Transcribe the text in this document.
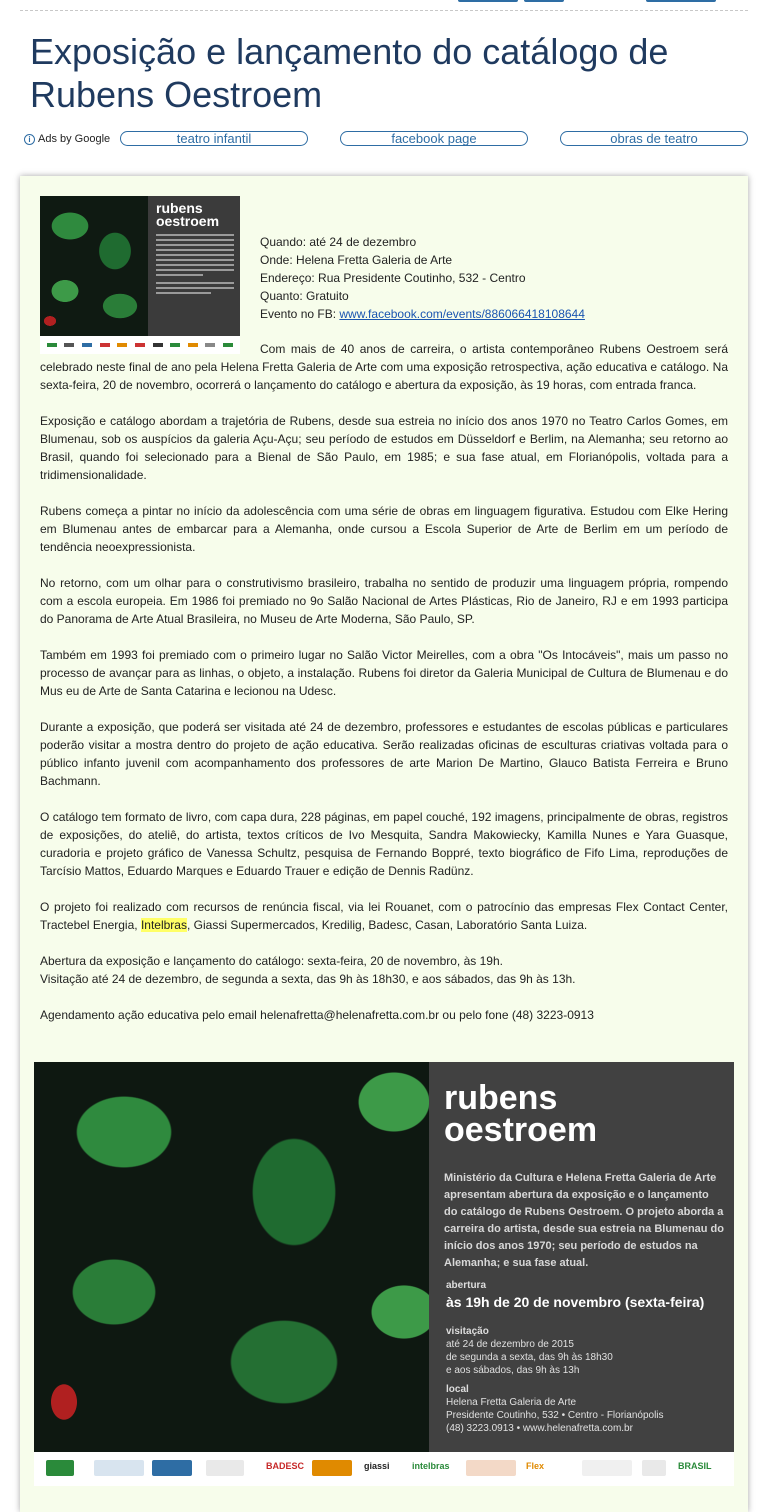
Exposição e lançamento do catálogo de Rubens Oestroem
i Ads by Google	teatro infantil	facebook page	obras de teatro
rubens
oestroem
Quando: até 24 de dezembro
Onde: Helena Fretta Galeria de Arte
Endereço: Rua Presidente Coutinho, 532 - Centro
Quanto: Gratuito
Evento no FB: www.facebook.com/events/886066418108644

Com mais de 40 anos de carreira, o artista contemporâneo Rubens Oestroem será celebrado neste final de ano pela Helena Fretta Galeria de Arte com uma exposição retrospectiva, ação educativa e catálogo. Na sexta-feira, 20 de novembro, ocorrerá o lançamento do catálogo e abertura da exposição, às 19 horas, com entrada franca.

Exposição e catálogo abordam a trajetória de Rubens, desde sua estreia no início dos anos 1970 no Teatro Carlos Gomes, em Blumenau, sob os auspícios da galeria Açu-Açu; seu período de estudos em Düsseldorf e Berlim, na Alemanha; seu retorno ao Brasil, quando foi selecionado para a Bienal de São Paulo, em 1985; e sua fase atual, em Florianópolis, voltada para a tridimensionalidade.

Rubens começa a pintar no início da adolescência com uma série de obras em linguagem figurativa. Estudou com Elke Hering em Blumenau antes de embarcar para a Alemanha, onde cursou a Escola Superior de Arte de Berlim em um período de tendência neoexpressionista.

No retorno, com um olhar para o construtivismo brasileiro, trabalha no sentido de produzir uma linguagem própria, rompendo com a escola europeia. Em 1986 foi premiado no 9o Salão Nacional de Artes Plásticas, Rio de Janeiro, RJ e em 1993 participa do Panorama de Arte Atual Brasileira, no Museu de Arte Moderna, São Paulo, SP.

Também em 1993 foi premiado com o primeiro lugar no Salão Victor Meirelles, com a obra "Os Intocáveis", mais um passo no processo de avançar para as linhas, o objeto, a instalação. Rubens foi diretor da Galeria Municipal de Cultura de Blumenau e do Mus eu de Arte de Santa Catarina e lecionou na Udesc.

Durante a exposição, que poderá ser visitada até 24 de dezembro, professores e estudantes de escolas públicas e particulares poderão visitar a mostra dentro do projeto de ação educativa. Serão realizadas oficinas de esculturas criativas voltada para o público infanto juvenil com acompanhamento dos professores de arte Marion De Martino, Glauco Batista Ferreira e Bruno Bachmann.

O catálogo tem formato de livro, com capa dura, 228 páginas, em papel couché, 192 imagens, principalmente de obras, registros de exposições, do ateliê, do artista, textos críticos de Ivo Mesquita, Sandra Makowiecky, Kamilla Nunes e Yara Guasque, curadoria e projeto gráfico de Vanessa Schultz, pesquisa de Fernando Boppré, texto biográfico de Fifo Lima, reproduções de Tarcísio Mattos, Eduardo Marques e Eduardo Trauer e edição de Dennis Radünz.

O projeto foi realizado com recursos de renúncia fiscal, via lei Rouanet, com o patrocínio das empresas Flex Contact Center, Tractebel Energia, Intelbras, Giassi Supermercados, Kredilig, Badesc, Casan, Laboratório Santa Luiza.

Abertura da exposição e lançamento do catálogo: sexta-feira, 20 de novembro, às 19h.
Visitação até 24 de dezembro, de segunda a sexta, das 9h às 18h30, e aos sábados, das 9h às 13h.

Agendamento ação educativa pelo email helenafretta@helenafretta.com.br ou pelo fone (48) 3223-0913

rubens
oestroem
Ministério da Cultura e Helena Fretta Galeria de Arte apresentam abertura da exposição e o lançamento do catálogo de Rubens Oestroem. O projeto aborda a carreira do artista, desde sua estreia na Blumenau do início dos anos 1970; seu período de estudos na Alemanha; e sua fase atual.
abertura
às 19h de 20 de novembro (sexta-feira)
visitação
até 24 de dezembro de 2015
de segunda a sexta, das 9h às 18h30
e aos sábados, das 9h às 13h
local
Helena Fretta Galeria de Arte
Presidente Coutinho, 532 • Centro - Florianópolis
(48) 3223.0913 • www.helenafretta.com.br
BADESC	giassi intelbras	Flex	BRASIL
